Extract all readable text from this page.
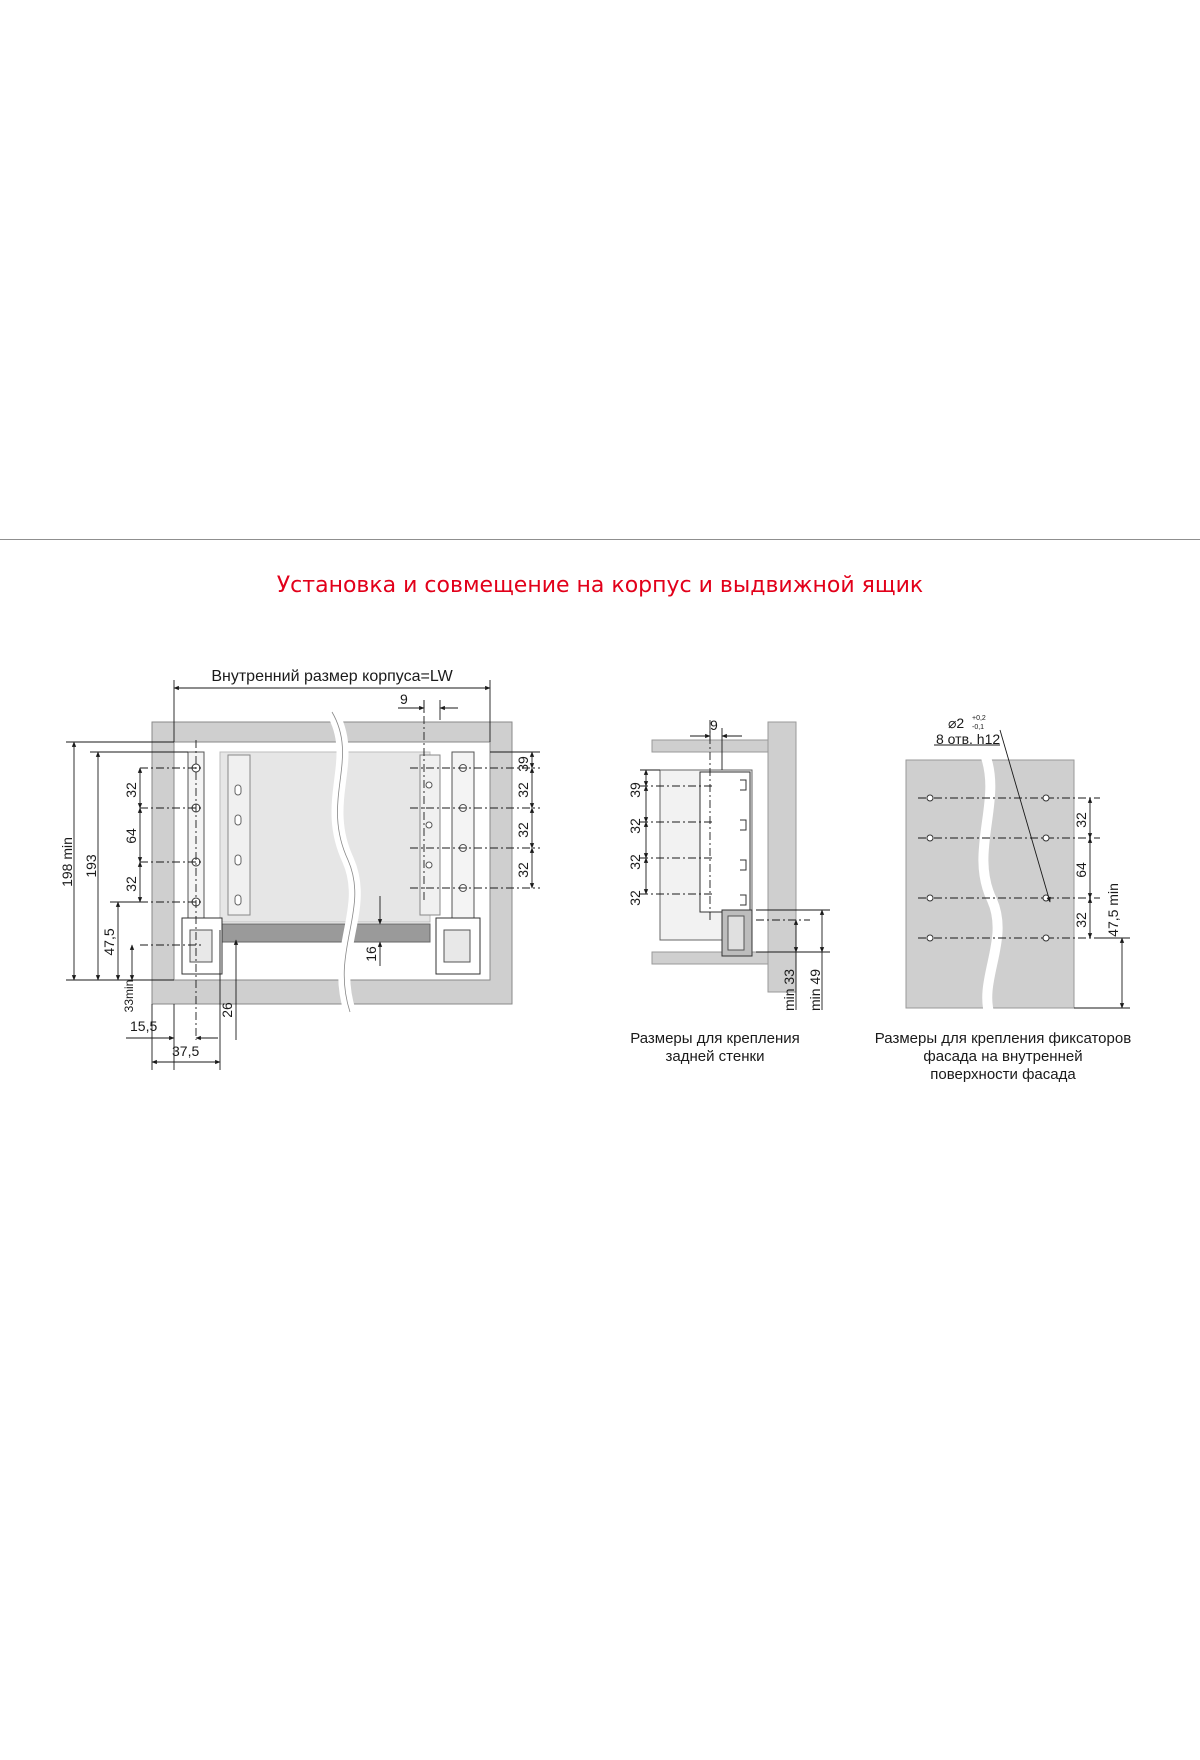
Установка и совмещение на корпус и выдвижной ящик
Внутренний размер корпуса=LW
9
198 min 193
32
64
32
47,5
33min
15,5
37,5
26
39
32
32
32
16
9
39
32
32
32
min 33 min 49
⌀2 +0,2
-0,1
8 отв. h12
32
64
32 47,5 min
Размеры для крепления
задней стенки
Размеры для крепления фиксаторов
фасада на внутренней
поверхности фасада
